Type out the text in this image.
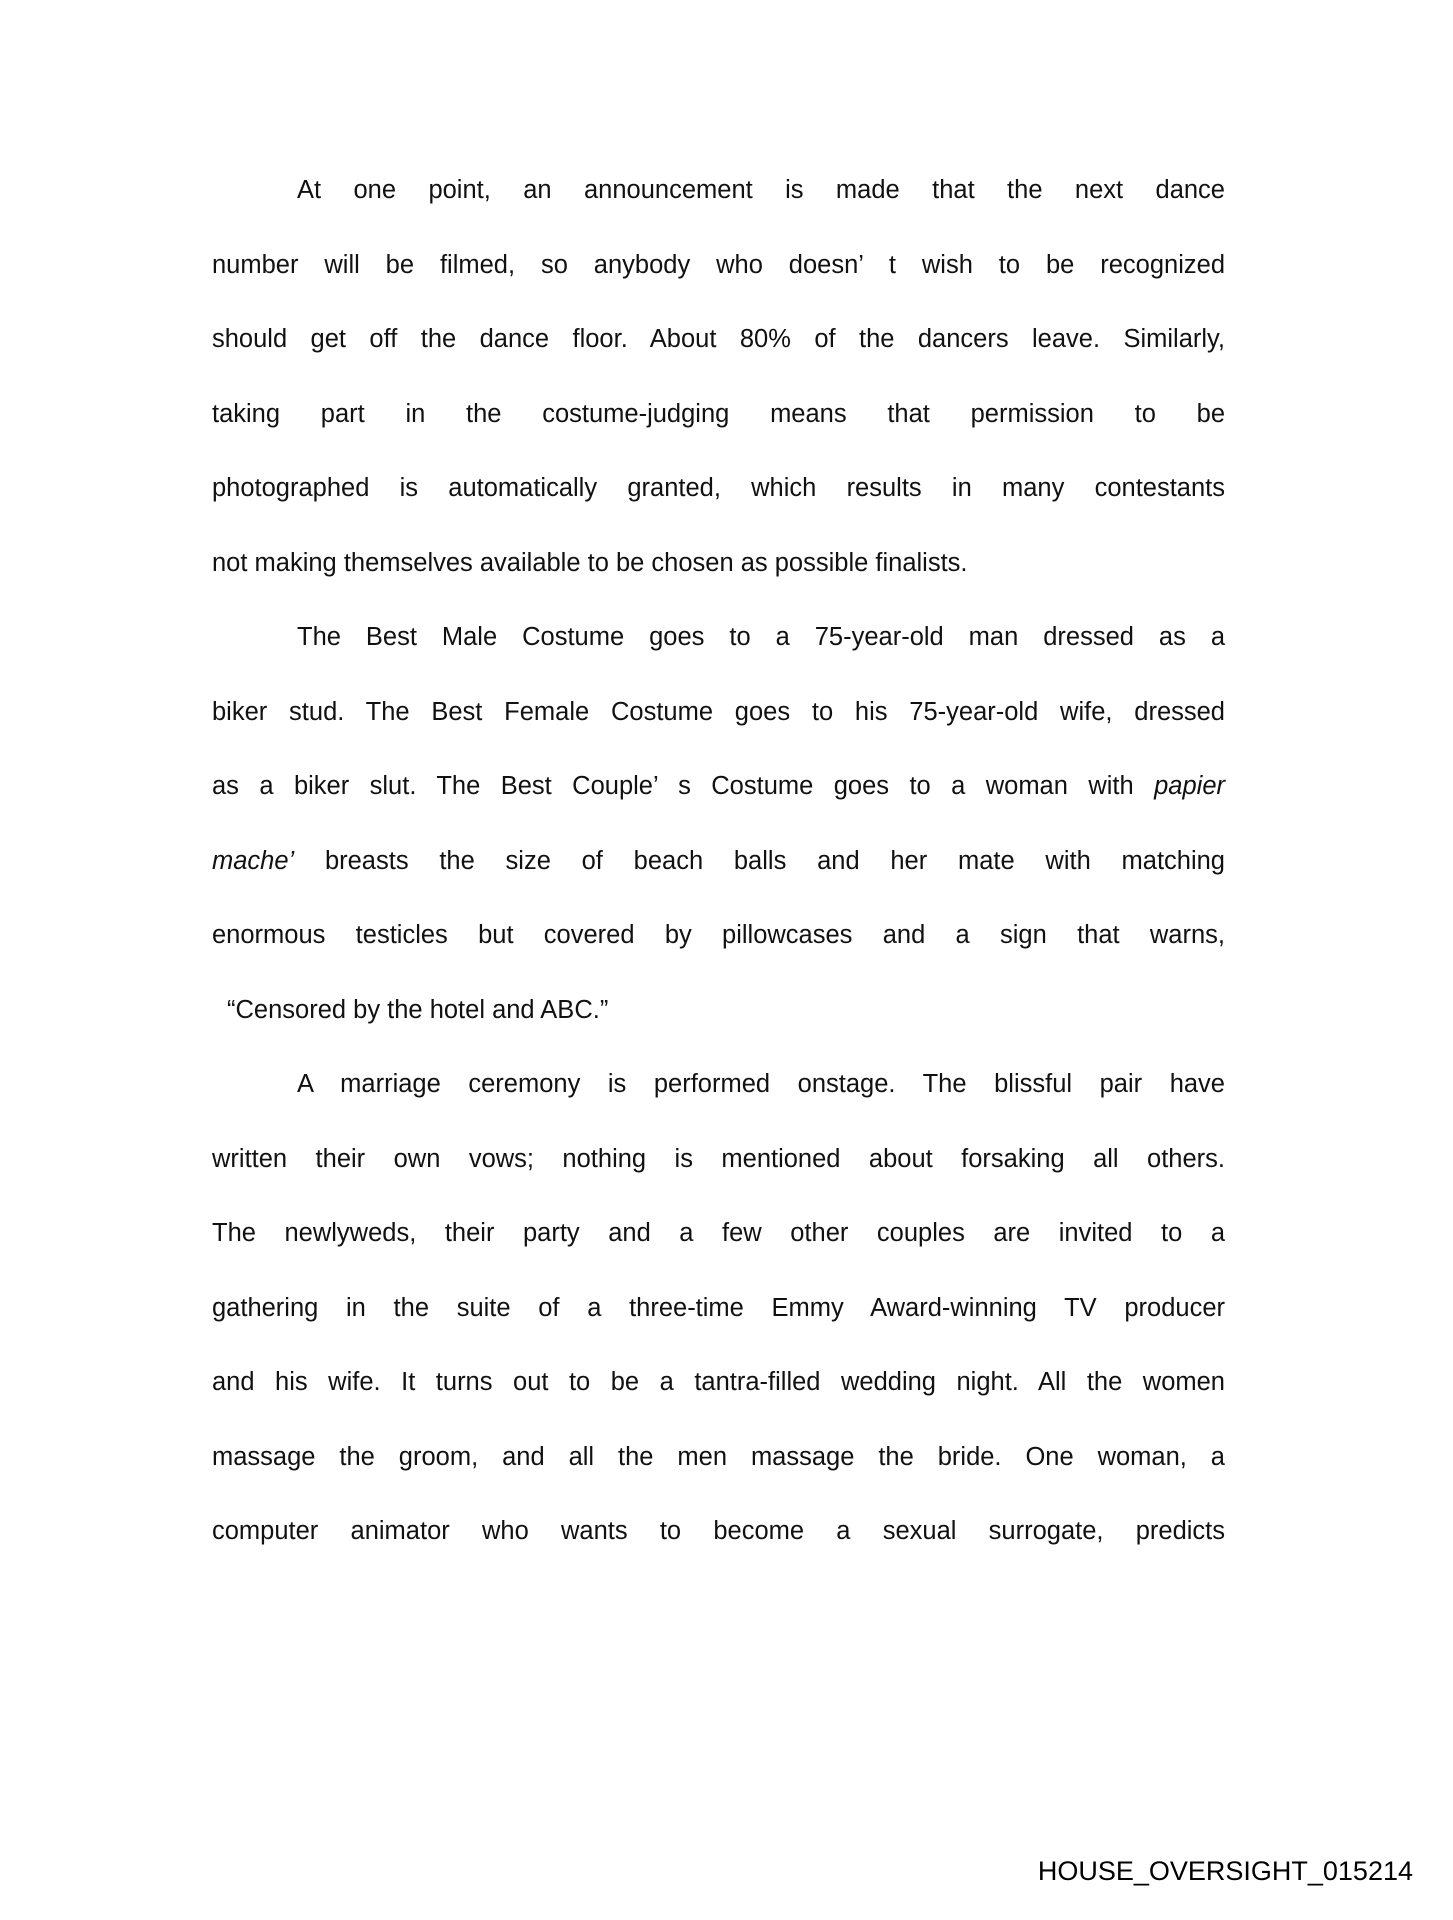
At one point, an announcement is made that the next dance
number will be filmed, so anybody who doesn’ t wish to be recognized
should get off the dance floor. About 80% of the dancers leave. Similarly,
taking part in the costume-judging means that permission to be
photographed is automatically granted, which results in many contestants
not making themselves available to be chosen as possible finalists.
The Best Male Costume goes to a 75-year-old man dressed as a
biker stud. The Best Female Costume goes to his 75-year-old wife, dressed
as a biker slut. The Best Couple’ s Costume goes to a woman with papier
mache’ breasts the size of beach balls and her mate with matching
enormous testicles but covered by pillowcases and a sign that warns,
“Censored by the hotel and ABC.”
A marriage ceremony is performed onstage. The blissful pair have
written their own vows; nothing is mentioned about forsaking all others.
The newlyweds, their party and a few other couples are invited to a
gathering in the suite of a three-time Emmy Award-winning TV producer
and his wife. It turns out to be a tantra-filled wedding night. All the women
massage the groom, and all the men massage the bride. One woman, a
computer animator who wants to become a sexual surrogate, predicts
HOUSE_OVERSIGHT_015214
